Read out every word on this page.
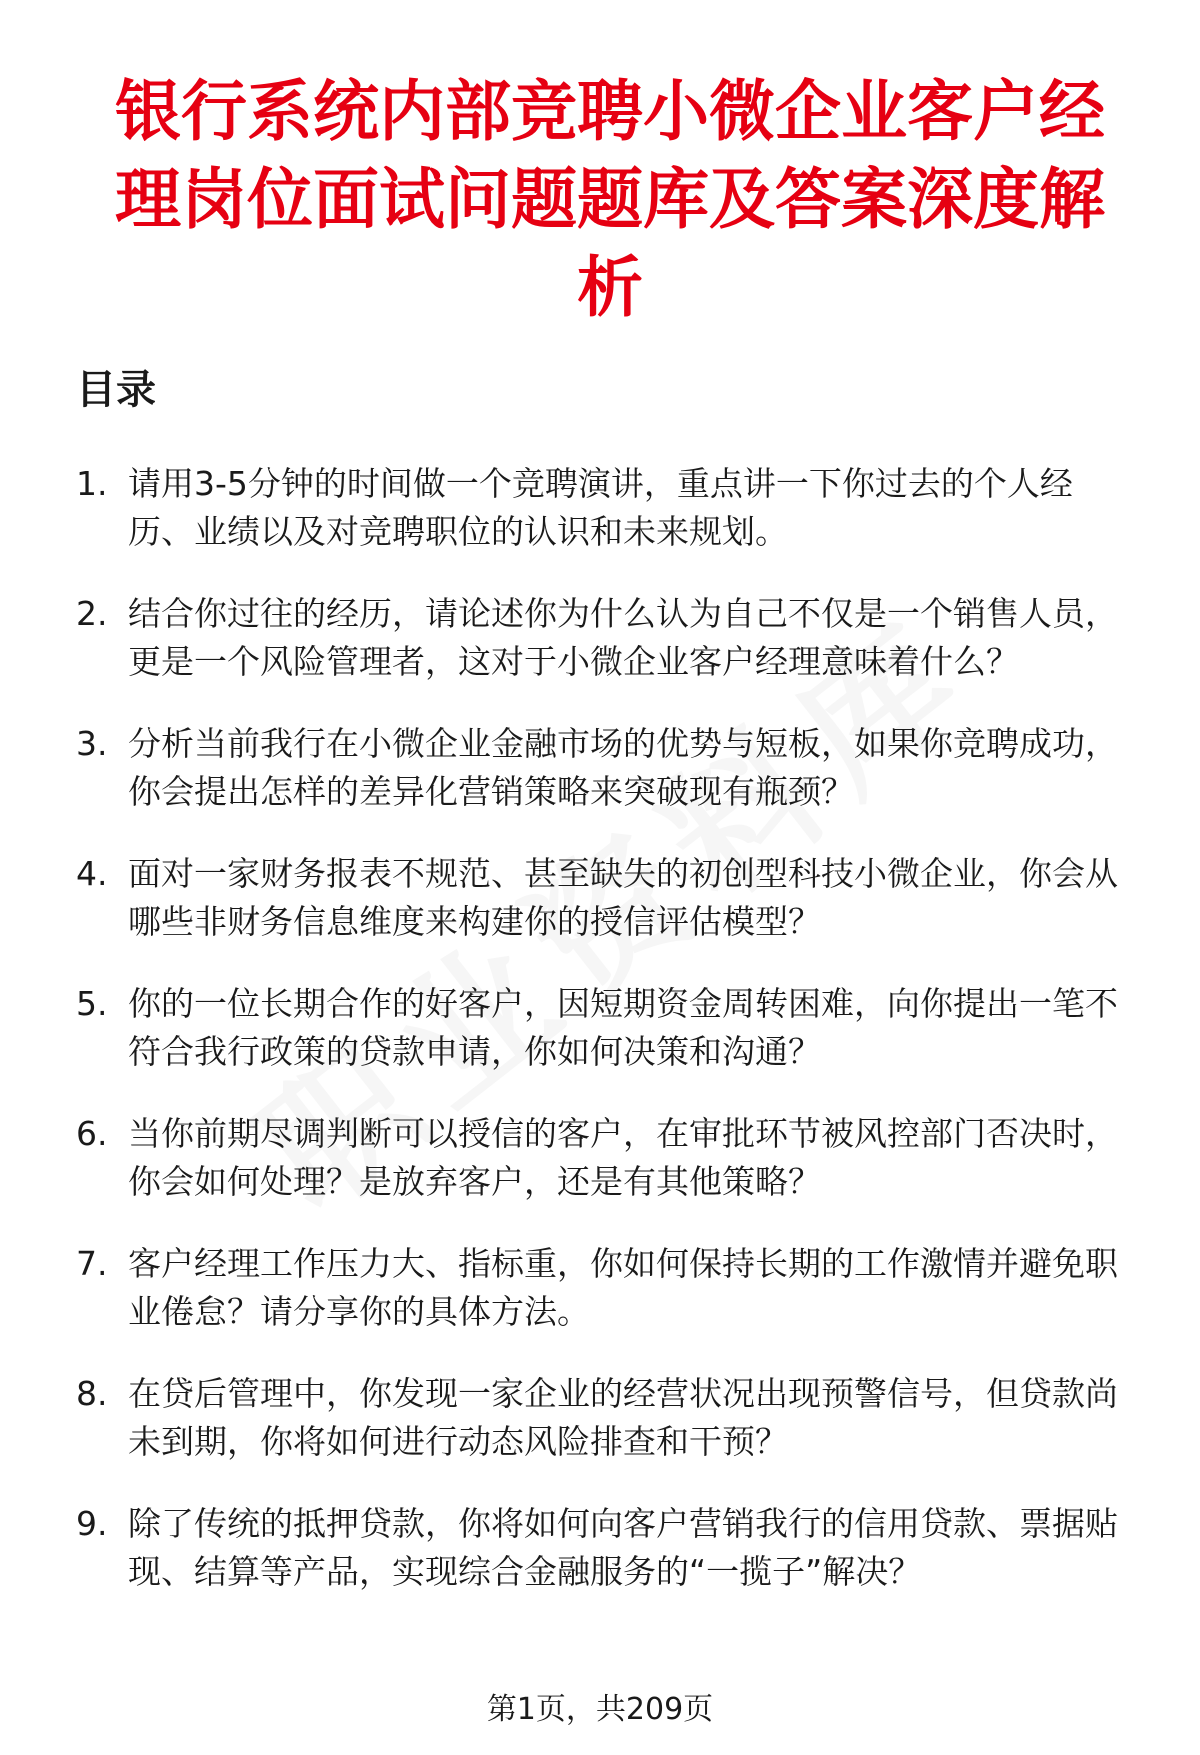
银行系统内部竞聘小微企业客户经理岗位面试问题题库及答案深度解析
目录
1. 请用3-5分钟的时间做一个竞聘演讲，重点讲一下你过去的个人经历、业绩以及对竞聘职位的认识和未来规划。
2. 结合你过往的经历，请论述你为什么认为自己不仅是一个销售人员，更是一个风险管理者，这对于小微企业客户经理意味着什么？
3. 分析当前我行在小微企业金融市场的优势与短板，如果你竞聘成功，你会提出怎样的差异化营销策略来突破现有瓶颈？
4. 面对一家财务报表不规范、甚至缺失的初创型科技小微企业，你会从哪些非财务信息维度来构建你的授信评估模型？
5. 你的一位长期合作的好客户，因短期资金周转困难，向你提出一笔不符合我行政策的贷款申请，你如何决策和沟通？
6. 当你前期尽调判断可以授信的客户，在审批环节被风控部门否决时，你会如何处理？是放弃客户，还是有其他策略？
7. 客户经理工作压力大、指标重，你如何保持长期的工作激情并避免职业倦怠？请分享你的具体方法。
8. 在贷后管理中，你发现一家企业的经营状况出现预警信号，但贷款尚未到期，你将如何进行动态风险排查和干预？
9. 除了传统的抵押贷款，你将如何向客户营销我行的信用贷款、票据贴现、结算等产品，实现综合金融服务的“一揽子”解决？
第1页，共209页
